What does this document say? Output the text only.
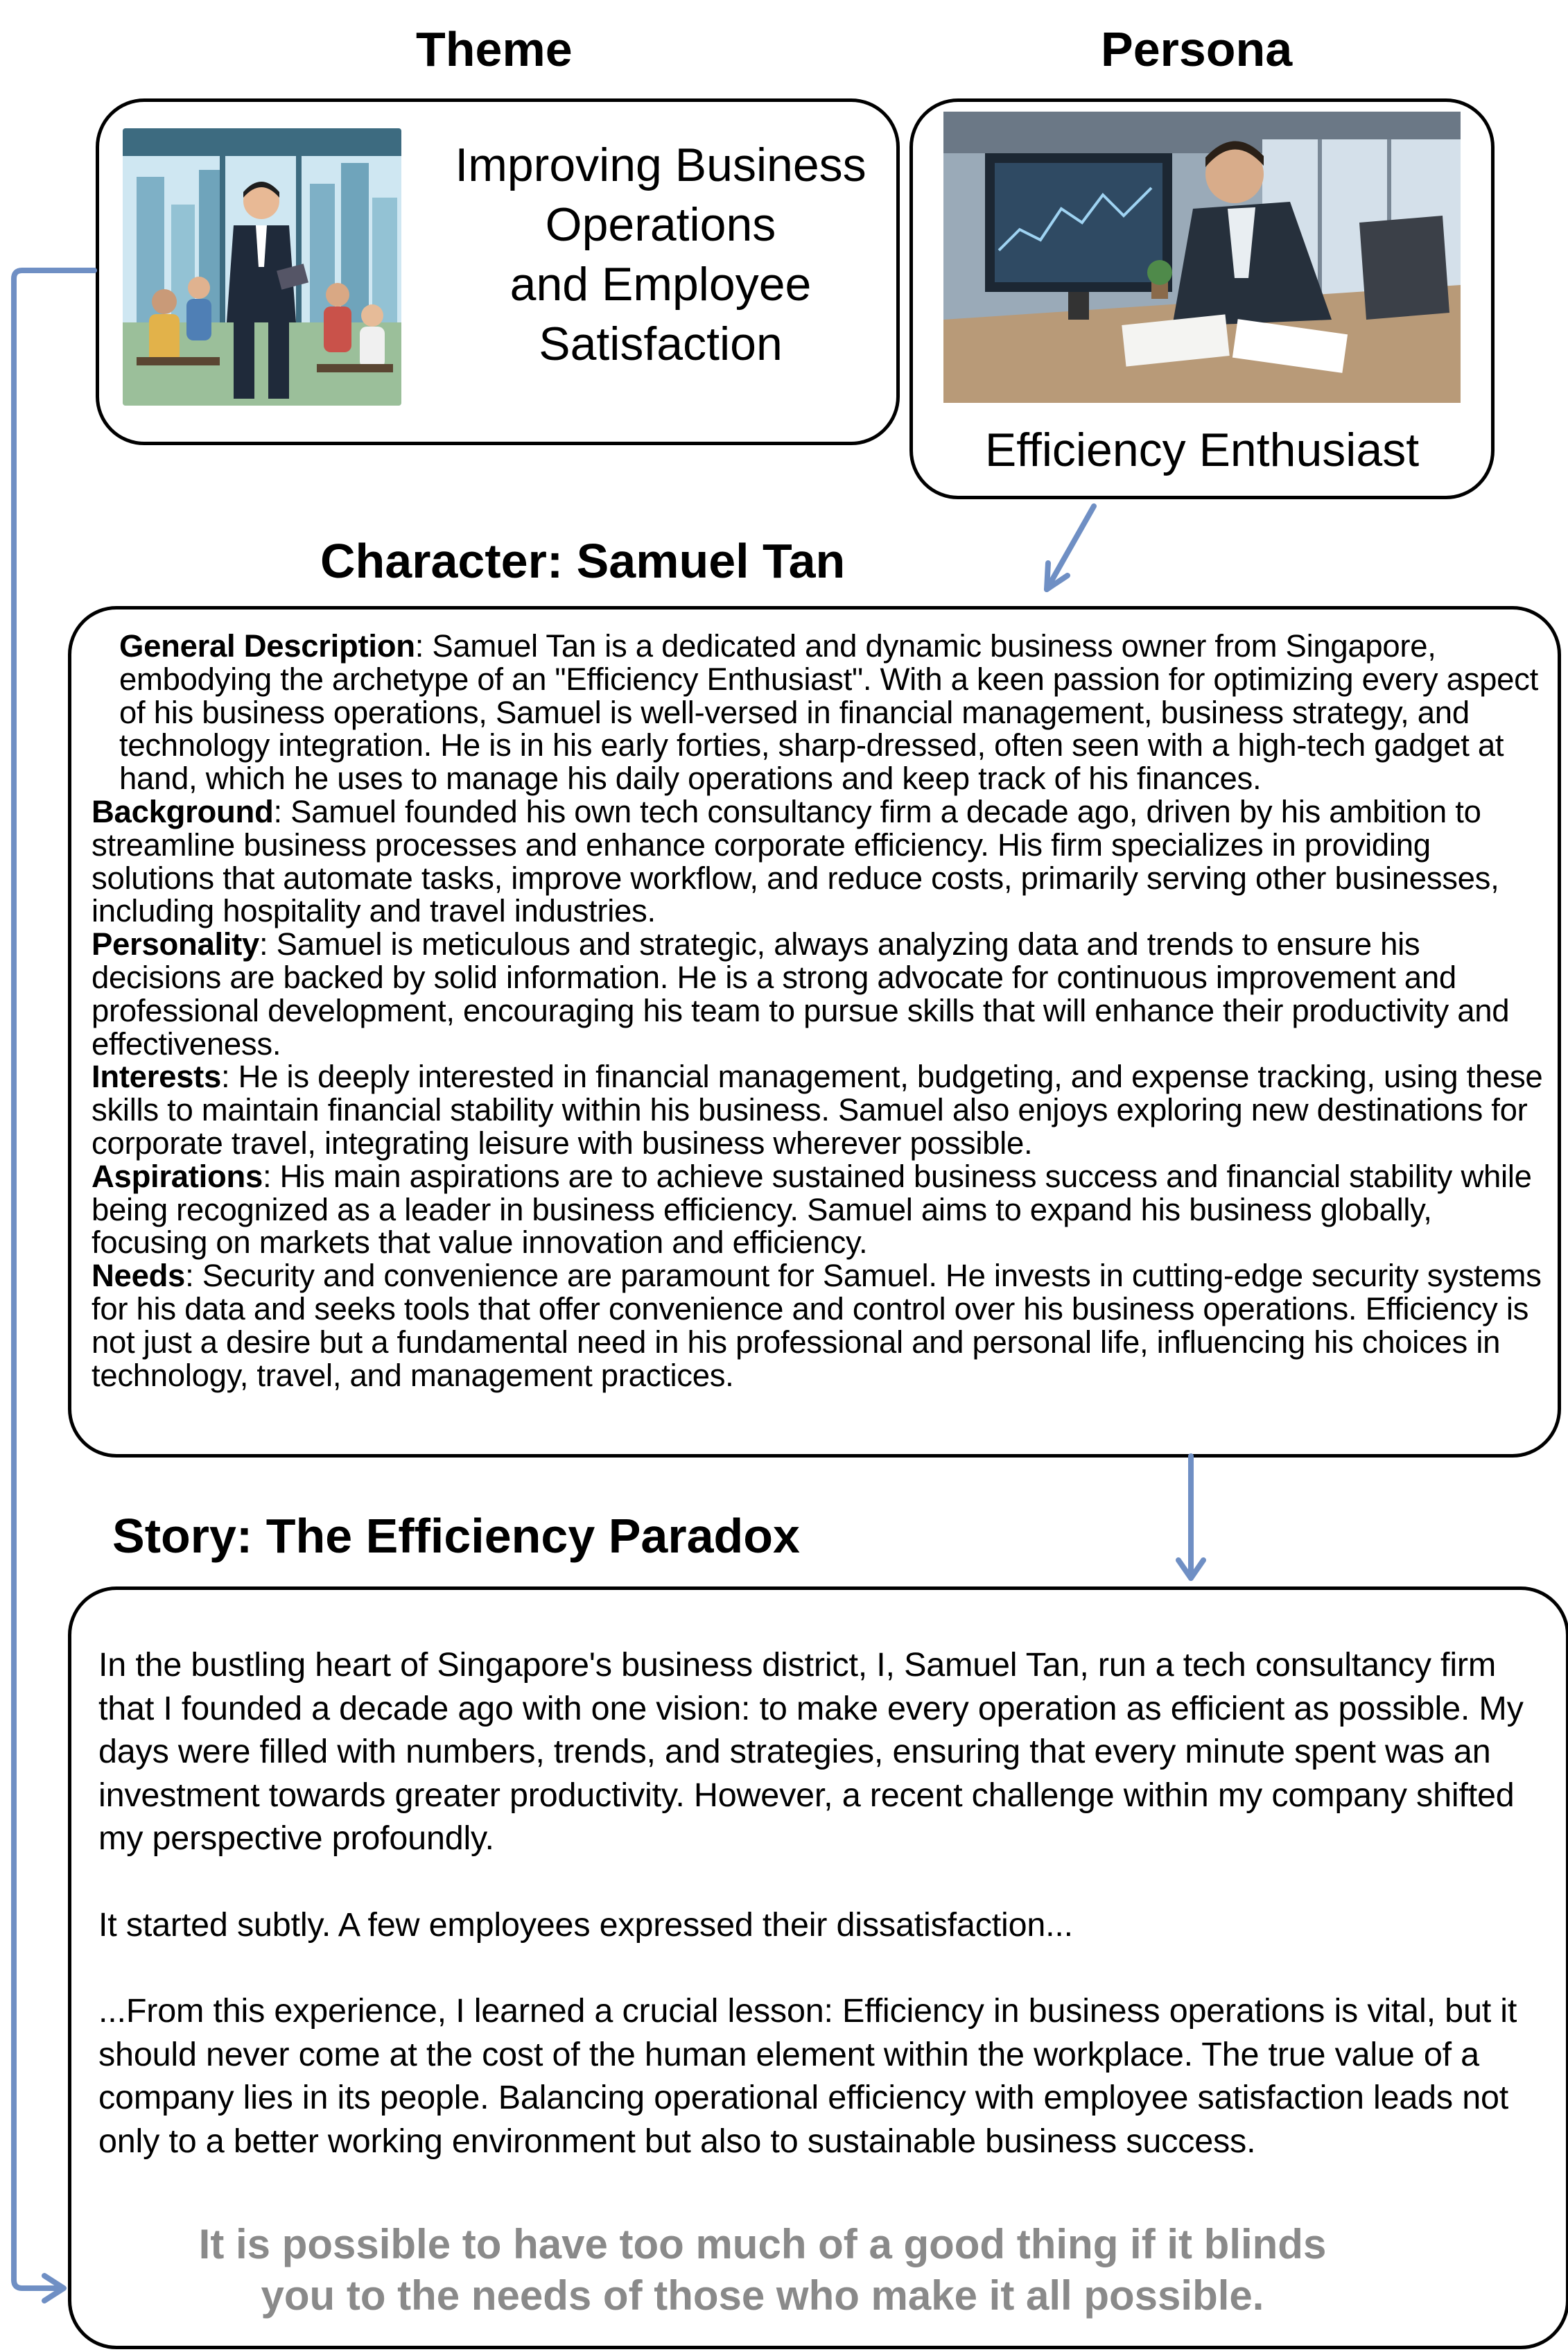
Theme	Persona
Character: Samuel Tan
Story: The Efficiency Paradox
Improving Business
Operations
and Employee
Satisfaction
Efficiency Enthusiast

General Description: Samuel Tan is a dedicated and dynamic business owner from Singapore, embodying the archetype of an "Efficiency Enthusiast". With a keen passion for optimizing every aspect of his business operations, Samuel is well-versed in financial management, business strategy, and technology integration. He is in his early forties, sharp-dressed, often seen with a high-tech gadget at hand, which he uses to manage his daily operations and keep track of his finances.

Background: Samuel founded his own tech consultancy firm a decade ago, driven by his ambition to streamline business processes and enhance corporate efficiency. His firm specializes in providing solutions that automate tasks, improve workflow, and reduce costs, primarily serving other businesses, including hospitality and travel industries.

Personality: Samuel is meticulous and strategic, always analyzing data and trends to ensure his decisions are backed by solid information. He is a strong advocate for continuous improvement and professional development, encouraging his team to pursue skills that will enhance their productivity and effectiveness.

Interests: He is deeply interested in financial management, budgeting, and expense tracking, using these skills to maintain financial stability within his business. Samuel also enjoys exploring new destinations for corporate travel, integrating leisure with business wherever possible.

Aspirations: His main aspirations are to achieve sustained business success and financial stability while being recognized as a leader in business efficiency. Samuel aims to expand his business globally, focusing on markets that value innovation and efficiency.

Needs: Security and convenience are paramount for Samuel. He invests in cutting-edge security systems for his data and seeks tools that offer convenience and control over his business operations. Efficiency is not just a desire but a fundamental need in his professional and personal life, influencing his choices in technology, travel, and management practices.

In the bustling heart of Singapore's business district, I, Samuel Tan, run a tech consultancy firm that I founded a decade ago with one vision: to make every operation as efficient as possible. My days were filled with numbers, trends, and strategies, ensuring that every minute spent was an investment towards greater productivity. However, a recent challenge within my company shifted my perspective profoundly.

It started subtly. A few employees expressed their dissatisfaction...

...From this experience, I learned a crucial lesson: Efficiency in business operations is vital, but it should never come at the cost of the human element within the workplace. The true value of a company lies in its people. Balancing operational efficiency with employee satisfaction leads not only to a better working environment but also to sustainable business success.

It is possible to have too much of a good thing if it blinds
you to the needs of those who make it all possible.
